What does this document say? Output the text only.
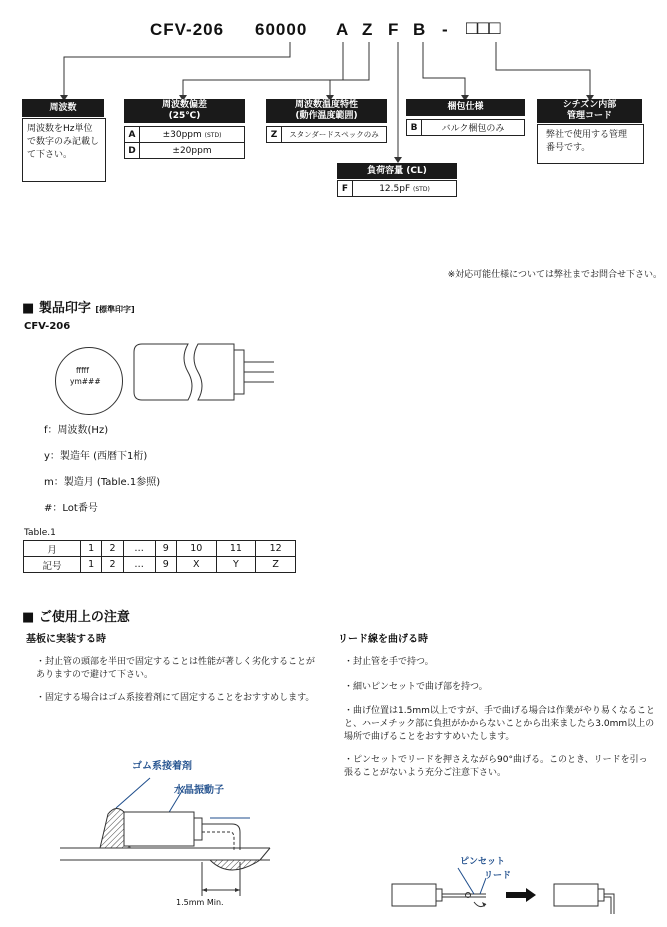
CFV-206 60000 A Z F B - □□□
周波数
周波数をHz単位で数字のみ記載して下さい。
周波数偏差
(25℃)
A	±30ppm (STD)
D	±20ppm
周波数温度特性
(動作温度範囲)
Z	スタンダードスペックのみ
負荷容量 (CL)
F	12.5pF (STD)
梱包仕様
B	バルク梱包のみ
シチズン内部
管理コード
弊社で使用する管理番号です。
※対応可能仕様については弊社までお問合せ下さい。
■ 製品印字 [標準印字]
CFV-206
fffff
ym###
f：周波数(Hz)
y：製造年 (西暦下1桁)
m：製造月 (Table.1参照)
#：Lot番号
Table.1
月	1	2	…	9	10	11	12
記号	1	2	…	9	X	Y	Z
■ ご使用上の注意
基板に実装する時
・封止管の頭部を半田で固定することは性能が著しく劣化することがありますので避けて下さい。
・固定する場合はゴム系接着剤にて固定することをおすすめします。
ゴム系接着剤
水晶振動子
1.5mm Min.
リード線を曲げる時
・封止管を手で持つ。
・細いピンセットで曲げ部を持つ。
・曲げ位置は1.5mm以上ですが、手で曲げる場合は作業がやり易くなることと、ハーメチック部に負担がかからないことから出来ましたら3.0mm以上の場所で曲げることをおすすめいたします。
・ピンセットでリードを押さえながら90°曲げる。このとき、リードを引っ張ることがないよう充分ご注意下さい。
ピンセット
リード
